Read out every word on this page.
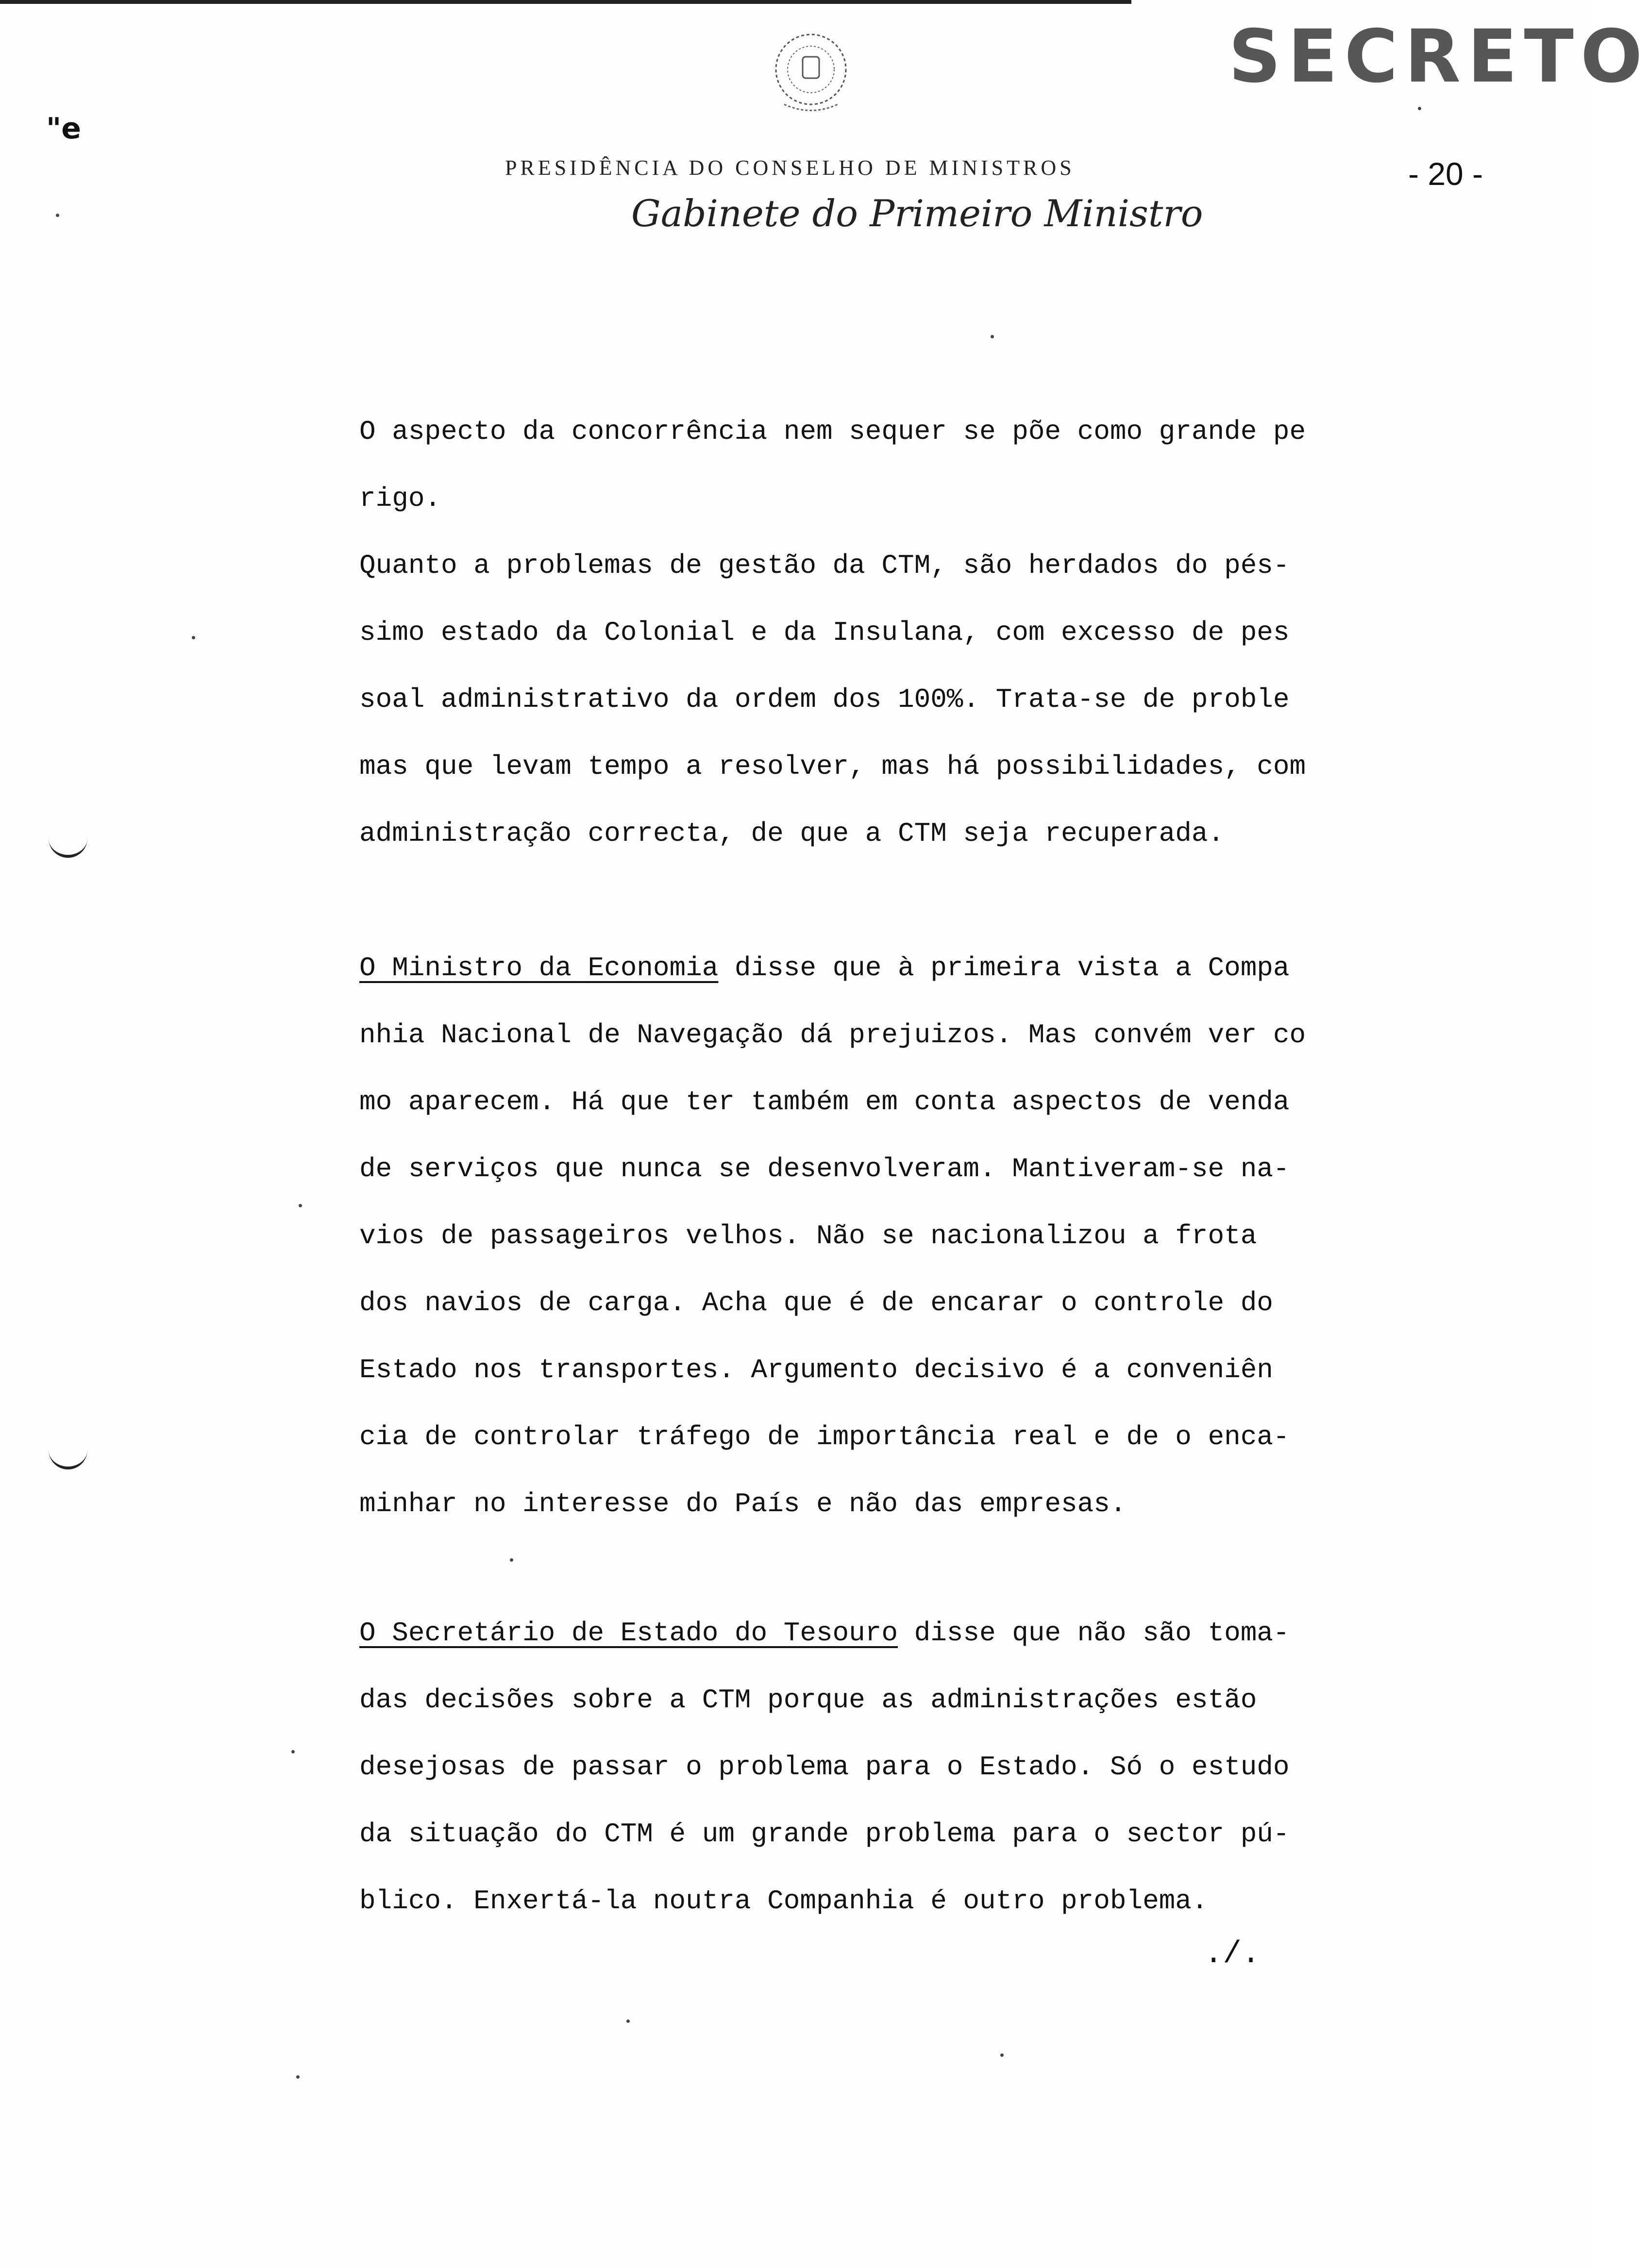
SECRETO
- 20 -
PRESIDÊNCIA DO CONSELHO DE MINISTROS
Gabinete do Primeiro Ministro
"e
O aspecto da concorrência nem sequer se põe como grande pe
rigo.
Quanto a problemas de gestão da CTM, são herdados do pés-
simo estado da Colonial e da Insulana, com excesso de pes
soal administrativo da ordem dos 100%. Trata-se de proble
mas que levam tempo a resolver, mas há possibilidades, com
administração correcta, de que a CTM seja recuperada.
O Ministro da Economia disse que à primeira vista a Compa
nhia Nacional de Navegação dá prejuizos. Mas convém ver co
mo aparecem. Há que ter também em conta aspectos de venda
de serviços que nunca se desenvolveram. Mantiveram-se na-
vios de passageiros velhos. Não se nacionalizou a frota
dos navios de carga. Acha que é de encarar o controle do
Estado nos transportes. Argumento decisivo é a conveniên
cia de controlar tráfego de importância real e de o enca-
minhar no interesse do País e não das empresas.
O Secretário de Estado do Tesouro disse que não são toma-
das decisões sobre a CTM porque as administrações estão
desejosas de passar o problema para o Estado. Só o estudo
da situação do CTM é um grande problema para o sector pú-
blico. Enxertá-la noutra Companhia é outro problema.
./.
